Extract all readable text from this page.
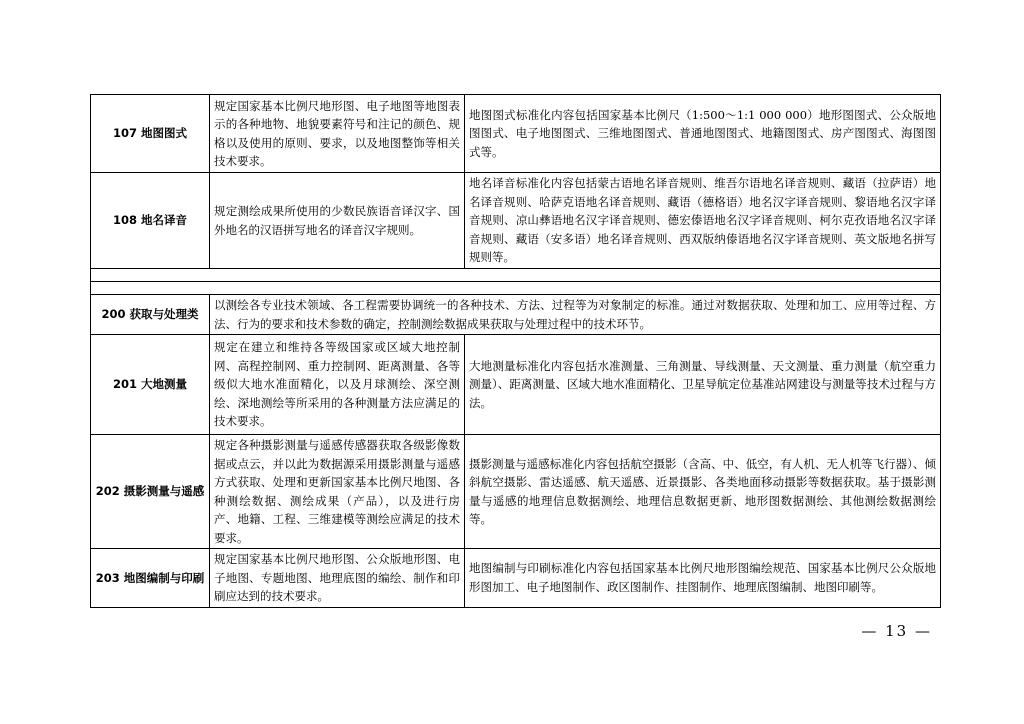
107 地图图式	规定国家基本比例尺地形图、电子地图等地图表示的各种地物、地貌要素符号和注记的颜色、规格以及使用的原则、要求，以及地图整饰等相关技术要求。	地图图式标准化内容包括国家基本比例尺（1:500～1:1 000 000）地形图图式、公众版地图图式、电子地图图式、三维地图图式、普通地图图式、地籍图图式、房产图图式、海图图式等。
108 地名译音	规定测绘成果所使用的少数民族语音译汉字、国外地名的汉语拼写地名的译音汉字规则。	地名译音标准化内容包括蒙古语地名译音规则、维吾尔语地名译音规则、藏语（拉萨语）地名译音规则、哈萨克语地名译音规则、藏语（德格语）地名汉字译音规则、黎语地名汉字译音规则、凉山彝语地名汉字译音规则、德宏傣语地名汉字译音规则、柯尔克孜语地名汉字译音规则、藏语（安多语）地名译音规则、西双版纳傣语地名汉字译音规则、英文版地名拼写规则等。

200 获取与处理类	以测绘各专业技术领域、各工程需要协调统一的各种技术、方法、过程等为对象制定的标准。通过对数据获取、处理和加工、应用等过程、方法、行为的要求和技术参数的确定，控制测绘数据成果获取与处理过程中的技术环节。	
201 大地测量	规定在建立和维持各等级国家或区域大地控制网、高程控制网、重力控制网、距离测量、各等级似大地水准面精化，以及月球测绘、深空测绘、深地测绘等所采用的各种测量方法应满足的技术要求。	大地测量标准化内容包括水准测量、三角测量、导线测量、天文测量、重力测量（航空重力测量）、距离测量、区域大地水准面精化、卫星导航定位基准站网建设与测量等技术过程与方法。
202 摄影测量与遥感	规定各种摄影测量与遥感传感器获取各级影像数据或点云，并以此为数据源采用摄影测量与遥感方式获取、处理和更新国家基本比例尺地图、各种测绘数据、测绘成果（产品），以及进行房产、地籍、工程、三维建模等测绘应满足的技术要求。	摄影测量与遥感标准化内容包括航空摄影（含高、中、低空，有人机、无人机等飞行器）、倾斜航空摄影、雷达遥感、航天遥感、近景摄影、各类地面移动摄影等数据获取。基于摄影测量与遥感的地理信息数据测绘、地理信息数据更新、地形图数据测绘、其他测绘数据测绘等。
203 地图编制与印刷	规定国家基本比例尺地形图、公众版地形图、电子地图、专题地图、地理底图的编绘、制作和印刷应达到的技术要求。	地图编制与印刷标准化内容包括国家基本比例尺地形图编绘规范、国家基本比例尺公众版地形图加工、电子地图制作、政区图制作、挂图制作、地理底图编制、地图印刷等。
— 13 —
